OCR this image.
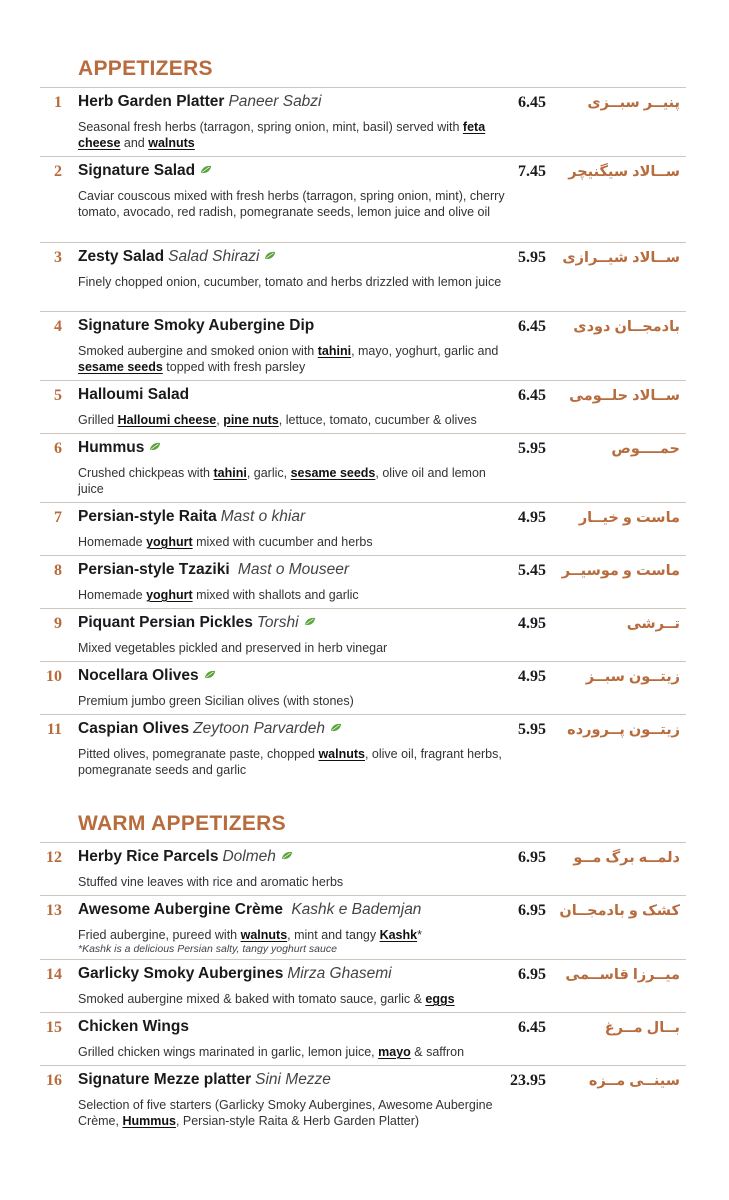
APPETIZERS
1 Herb Garden Platter Paneer Sabzi	6.45	پنیــر سبــزی
Seasonal fresh herbs (tarragon, spring onion, mint, basil) served with feta cheese and walnuts
2 Signature Salad	7.45 ســالاد سیگنیچر
Caviar couscous mixed with fresh herbs (tarragon, spring onion, mint), cherry tomato, avocado, red radish, pomegranate seeds, lemon juice and olive oil
3 Zesty Salad Salad Shirazi	5.95 ســالاد شیــرازی
Finely chopped onion, cucumber, tomato and herbs drizzled with lemon juice
4 Signature Smoky Aubergine Dip	6.45 بادمجــان دودی
Smoked aubergine and smoked onion with tahini, mayo, yoghurt, garlic and sesame seeds topped with fresh parsley
5 Halloumi Salad	6.45 ســالاد حلــومی
Grilled Halloumi cheese, pine nuts, lettuce, tomato, cucumber & olives
6 Hummus	5.95	حمــــوص
Crushed chickpeas with tahini, garlic, sesame seeds, olive oil and lemon juice
7 Persian-style Raita Mast o khiar	4.95 ماست و خیــار
Homemade yoghurt mixed with cucumber and herbs
8 Persian-style Tzaziki Mast o Mouseer	5.45 ماست و موسیــر
Homemade yoghurt mixed with shallots and garlic
9 Piquant Persian Pickles Torshi	4.95	تــرشی
Mixed vegetables pickled and preserved in herb vinegar
10 Nocellara Olives	4.95	زیتــون سبــز
Premium jumbo green Sicilian olives (with stones)
11 Caspian Olives Zeytoon Parvardeh	5.95 زیتــون پــرورده
Pitted olives, pomegranate paste, chopped walnuts, olive oil, fragrant herbs, pomegranate seeds and garlic
WARM APPETIZERS
12 Herby Rice Parcels Dolmeh	6.95 دلمــه برگ مــو
Stuffed vine leaves with rice and aromatic herbs
13 Awesome Aubergine Crème Kashk e Bademjan	6.95 کشک و بادمجــان
Fried aubergine, pureed with walnuts, mint and tangy Kashk*
*Kashk is a delicious Persian salty, tangy yoghurt sauce
14 Garlicky Smoky Aubergines Mirza Ghasemi	6.95 میــرزا قاســمی
Smoked aubergine mixed & baked with tomato sauce, garlic & eggs
15 Chicken Wings	6.45	بــال مــرغ
Grilled chicken wings marinated in garlic, lemon juice, mayo & saffron
16 Signature Mezze platter Sini Mezze	23.95	سینــی مــزه
Selection of five starters (Garlicky Smoky Aubergines, Awesome Aubergine Crème, Hummus, Persian-style Raita & Herb Garden Platter)
